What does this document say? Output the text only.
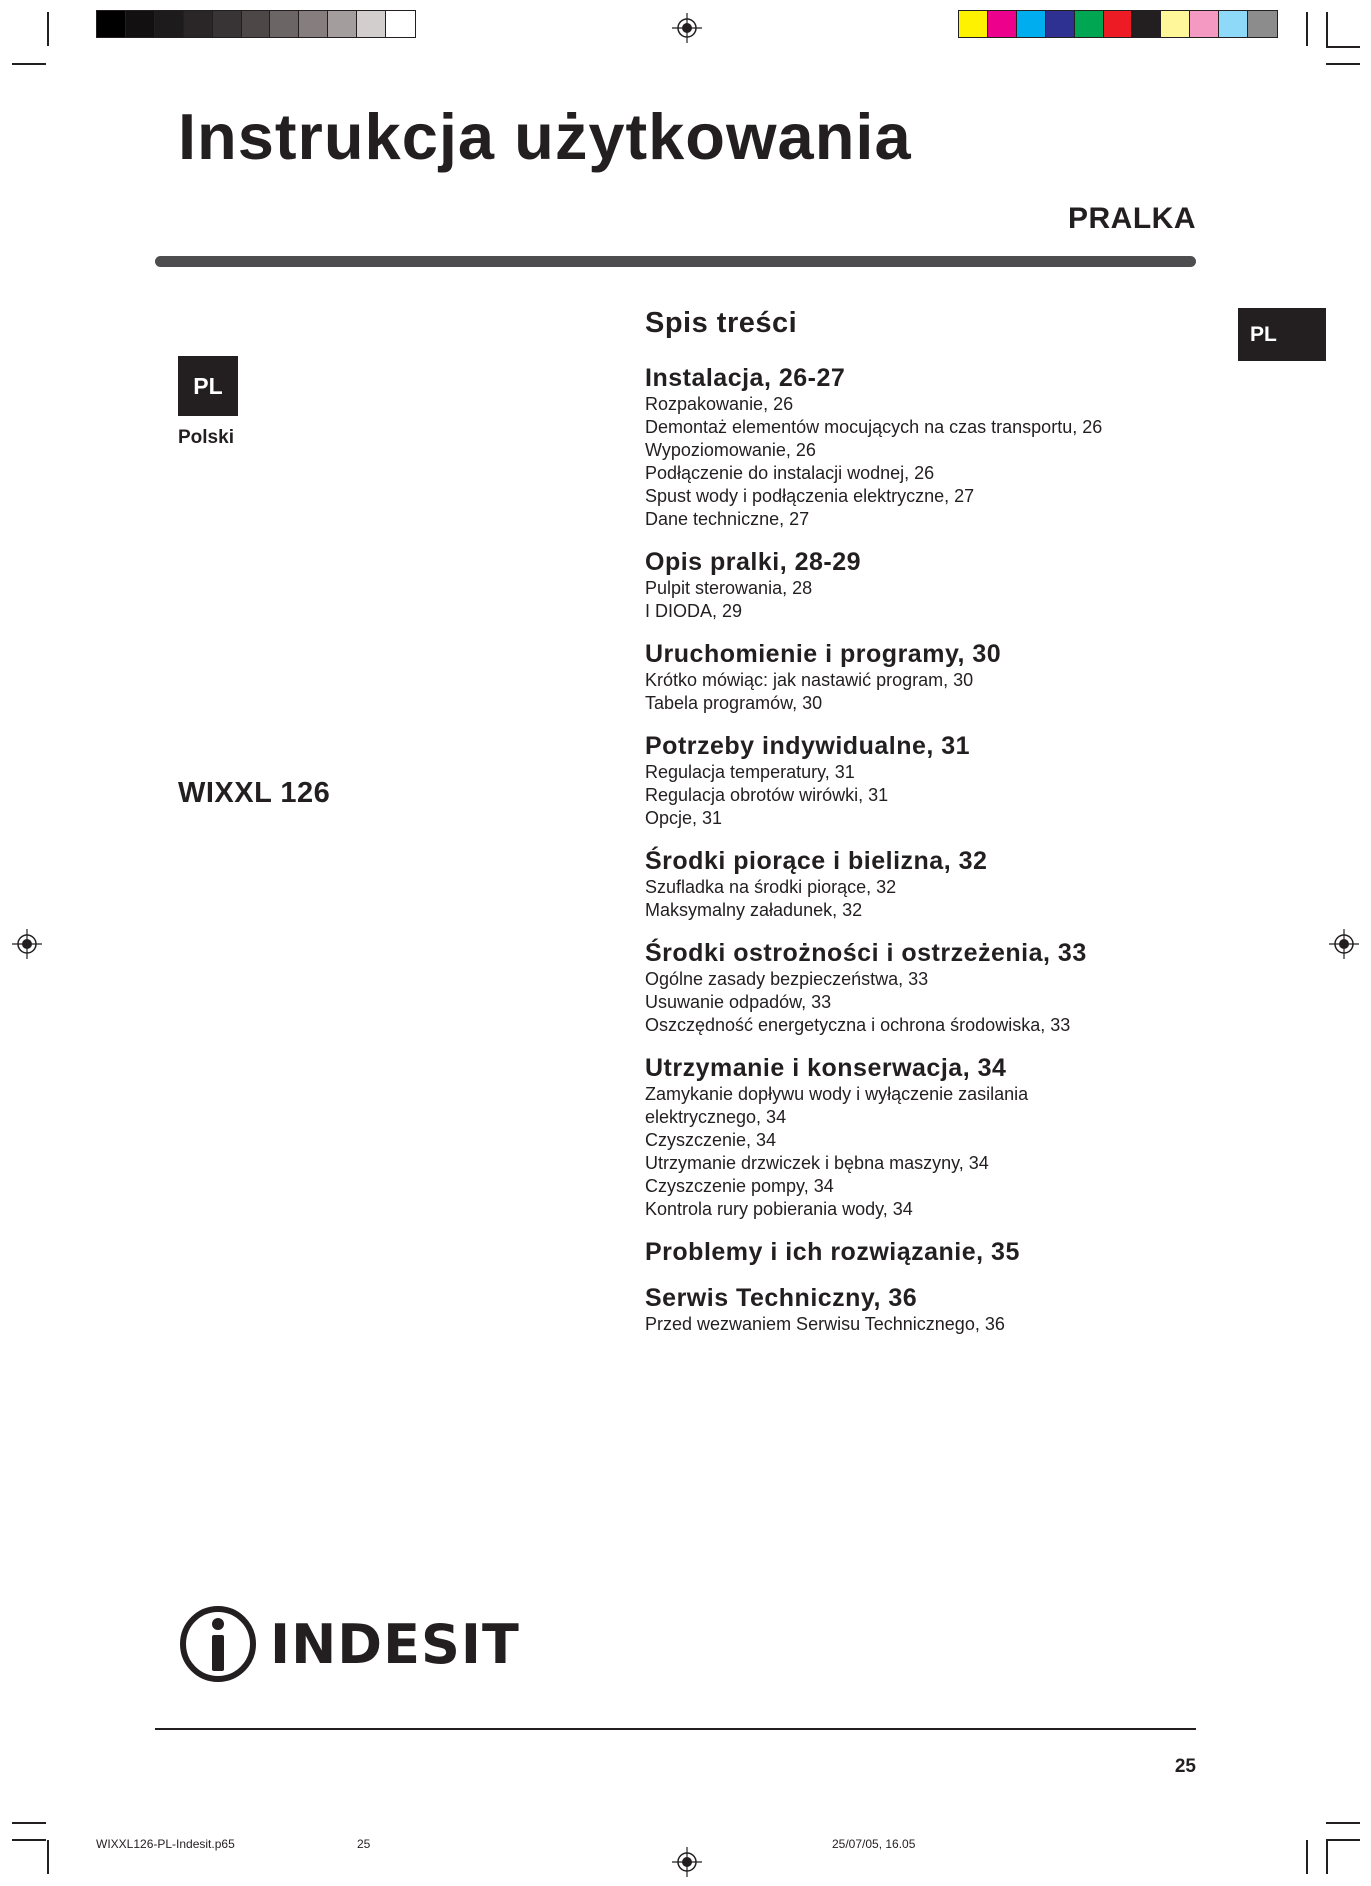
Instrukcja użytkowania
PRALKA
PL
PL
Polski
WIXXL 126
Spis treści
Instalacja, 26-27
Rozpakowanie, 26
Demontaż elementów mocujących na czas transportu, 26
Wypoziomowanie, 26
Podłączenie do instalacji wodnej, 26
Spust wody i podłączenia elektryczne, 27
Dane techniczne, 27
Opis pralki, 28-29
Pulpit sterowania, 28
I DIODA, 29
Uruchomienie i programy, 30
Krótko mówiąc: jak nastawić program, 30
Tabela programów, 30
Potrzeby indywidualne, 31
Regulacja temperatury, 31
Regulacja obrotów wirówki, 31
Opcje, 31
Środki piorące i bielizna, 32
Szufladka na środki piorące, 32
Maksymalny załadunek, 32
Środki ostrożności i ostrzeżenia, 33
Ogólne zasady bezpieczeństwa, 33
Usuwanie odpadów, 33
Oszczędność energetyczna i ochrona środowiska, 33
Utrzymanie i konserwacja, 34
Zamykanie dopływu wody i wyłączenie zasilania
elektrycznego, 34
Czyszczenie, 34
Utrzymanie drzwiczek i bębna maszyny, 34
Czyszczenie pompy, 34
Kontrola rury pobierania wody, 34
Problemy i ich rozwiązanie, 35
Serwis Techniczny, 36
Przed wezwaniem Serwisu Technicznego, 36
INDESIT
25
WIXXL126-PL-Indesit.p65	25	25/07/05, 16.05
